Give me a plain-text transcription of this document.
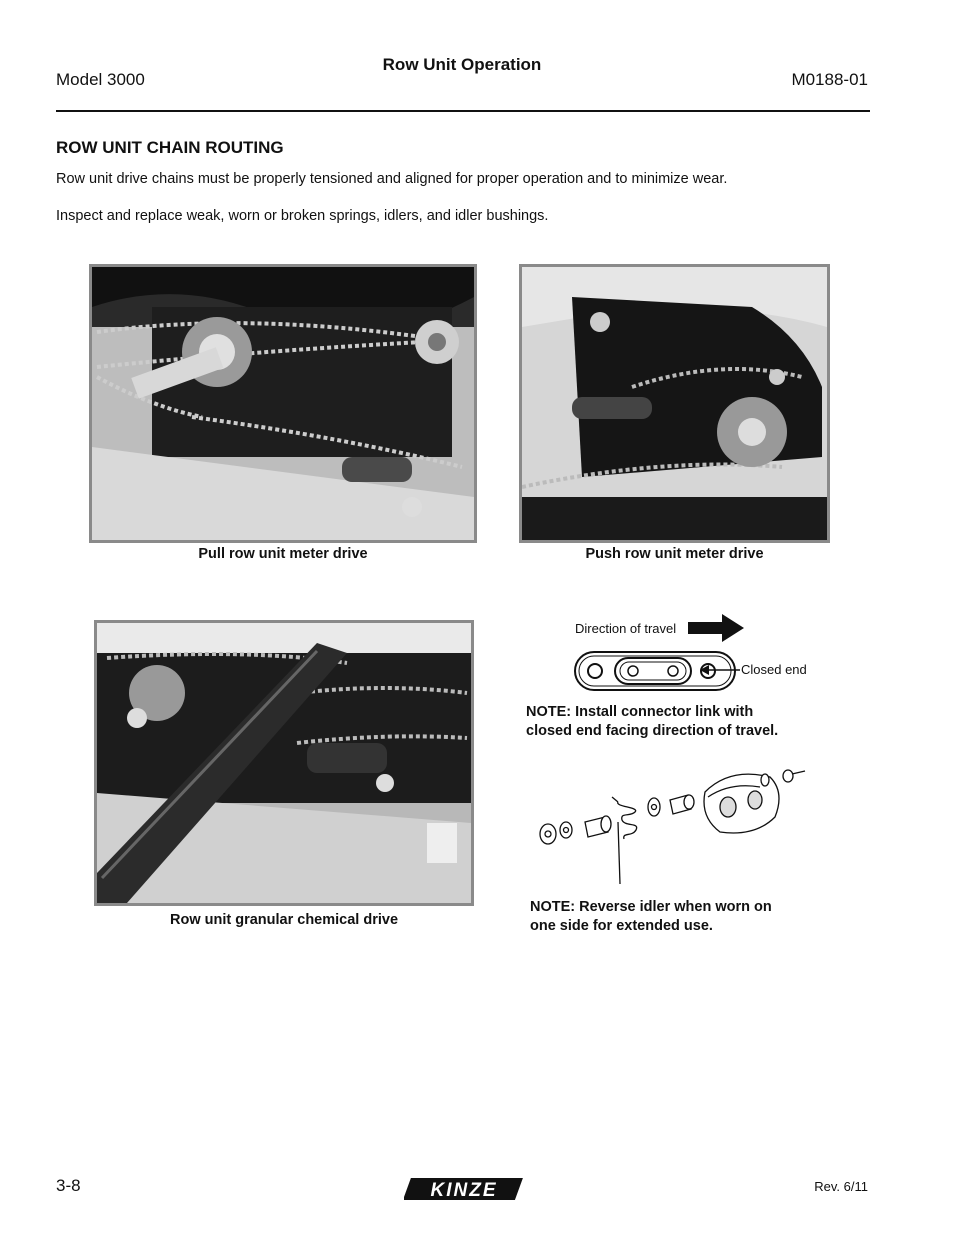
Model 3000
Row Unit Operation
M0188-01
ROW UNIT CHAIN ROUTING
Row unit drive chains must be properly tensioned and aligned for proper operation and to minimize wear.
Inspect and replace weak, worn or broken springs, idlers, and idler bushings.
Pull row unit meter drive	Push row unit meter drive
Row unit granular chemical drive
Direction of travel
Closed end
NOTE: Install connector link with
closed end facing direction of travel.
NOTE: Reverse idler when worn on
one side for extended use.
3-8	KINZE	Rev. 6/11
